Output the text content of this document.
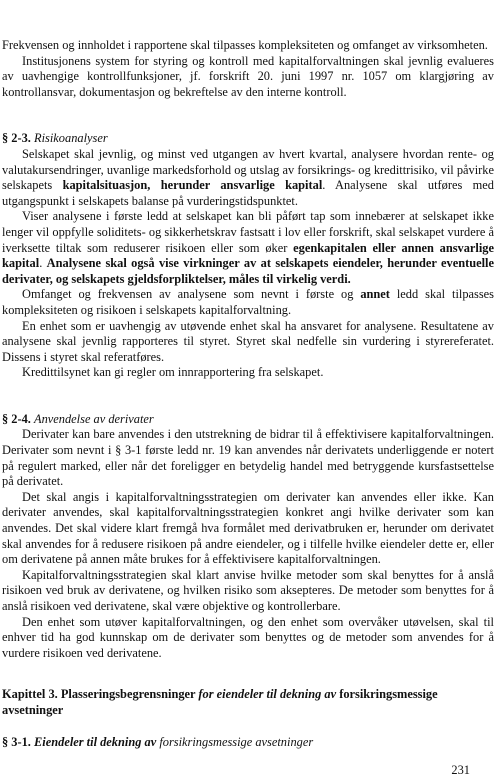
Frekvensen og innholdet i rapportene skal tilpasses kompleksiteten og omfanget av virksomheten.

Institusjonens system for styring og kontroll med kapitalforvaltningen skal jevnlig evalueres av uavhengige kontrollfunksjoner, jf. forskrift 20. juni 1997 nr. 1057 om klargjøring av kontrollansvar, dokumentasjon og bekreftelse av den interne kontroll.

§ 2-3. Risikoanalyser

Selskapet skal jevnlig, og minst ved utgangen av hvert kvartal, analysere hvordan rente- og valutakursendringer, uvanlige markedsforhold og utslag av forsikrings- og kredittrisiko, vil påvirke selskapets kapitalsituasjon, herunder ansvarlige kapital. Analysene skal utføres med utgangspunkt i selskapets balanse på vurderingstidspunktet.

Viser analysene i første ledd at selskapet kan bli påført tap som innebærer at selskapet ikke lenger vil oppfylle soliditets- og sikkerhetskrav fastsatt i lov eller forskrift, skal selskapet vurdere å iverksette tiltak som reduserer risikoen eller som øker egenkapitalen eller annen ansvarlige kapital. Analysene skal også vise virkninger av at selskapets eiendeler, herunder eventuelle derivater, og selskapets gjeldsforpliktelser, måles til virkelig verdi.

Omfanget og frekvensen av analysene som nevnt i første og annet ledd skal tilpasses kompleksiteten og risikoen i selskapets kapitalforvaltning.

En enhet som er uavhengig av utøvende enhet skal ha ansvaret for analysene. Resultatene av analysene skal jevnlig rapporteres til styret. Styret skal nedfelle sin vurdering i styrereferatet. Dissens i styret skal referatføres.

Kredittilsynet kan gi regler om innrapportering fra selskapet.

§ 2-4. Anvendelse av derivater

Derivater kan bare anvendes i den utstrekning de bidrar til å effektivisere kapitalforvaltningen. Derivater som nevnt i § 3-1 første ledd nr. 19 kan anvendes når derivatets underliggende er notert på regulert marked, eller når det foreligger en betydelig handel med betryggende kursfastsettelse på derivatet.

Det skal angis i kapitalforvaltningsstrategien om derivater kan anvendes eller ikke. Kan derivater anvendes, skal kapitalforvaltningsstrategien konkret angi hvilke derivater som kan anvendes. Det skal videre klart fremgå hva formålet med derivatbruken er, herunder om derivatet skal anvendes for å redusere risikoen på andre eiendeler, og i tilfelle hvilke eiendeler dette er, eller om derivatene på annen måte brukes for å effektivisere kapitalforvaltningen.

Kapitalforvaltningsstrategien skal klart anvise hvilke metoder som skal benyttes for å anslå risikoen ved bruk av derivatene, og hvilken risiko som aksepteres. De metoder som benyttes for å anslå risikoen ved derivatene, skal være objektive og kontrollerbare.

Den enhet som utøver kapitalforvaltningen, og den enhet som overvåker utøvelsen, skal til enhver tid ha god kunnskap om de derivater som benyttes og de metoder som anvendes for å vurdere risikoen ved derivatene.

Kapittel 3. Plasseringsbegrensninger for eiendeler til dekning av forsikringsmessige avsetninger
§ 3-1. Eiendeler til dekning av forsikringsmessige avsetninger
231
